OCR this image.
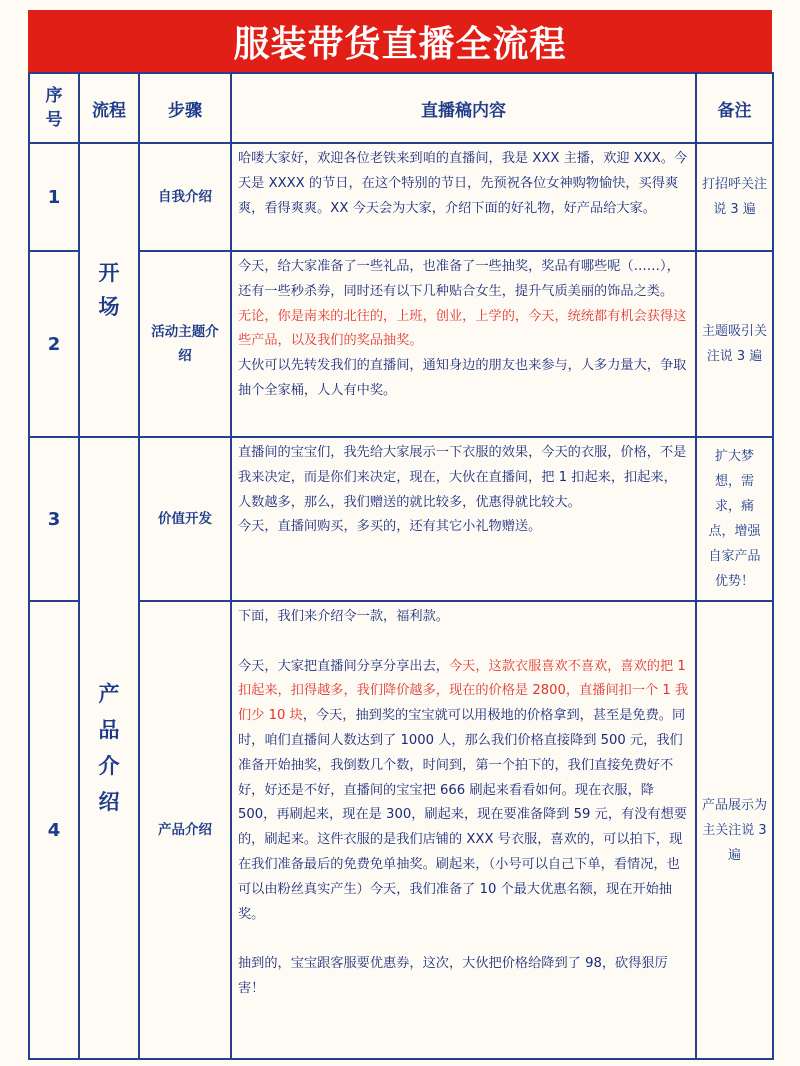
服装带货直播全流程
序号	流程	步骤	直播稿内容	备注
1	开场	自我介绍	哈喽大家好，欢迎各位老铁来到咱的直播间，我是 XXX 主播，欢迎 XXX。今天是 XXXX 的节日，在这个特别的节日，先预祝各位女神购物愉快，买得爽爽，看得爽爽。XX 今天会为大家，介绍下面的好礼物，好产品给大家。	打招呼关注说 3 遍
2		活动主题介绍	今天，给大家准备了一些礼品，也准备了一些抽奖，奖品有哪些呢（……），还有一些秒杀券，同时还有以下几种贴合女生，提升气质美丽的饰品之类。

无论，你是南来的北往的，上班，创业，上学的，今天，统统都有机会获得这些产品，以及我们的奖品抽奖。

大伙可以先转发我们的直播间，通知身边的朋友也来参与，人多力量大，争取抽个全家桶，人人有中奖。	主题吸引关注说 3 遍
3	产品介绍	价值开发	直播间的宝宝们，我先给大家展示一下衣服的效果，今天的衣服，价格，不是我来决定，而是你们来决定，现在，大伙在直播间，把 1 扣起来，扣起来，人数越多，那么，我们赠送的就比较多，优惠得就比较大。

今天，直播间购买，多买的，还有其它小礼物赠送。	扩大梦想，需求，痛点，增强自家产品优势！
4		产品介绍	下面，我们来介绍令一款，福利款。

今天，大家把直播间分享分享出去，今天，这款衣服喜欢不喜欢，喜欢的把 1 扣起来，扣得越多，我们降价越多，现在的价格是 2800，直播间扣一个 1 我们少 10 块，今天，抽到奖的宝宝就可以用极地的价格拿到，甚至是免费。同时，咱们直播间人数达到了 1000 人，那么我们价格直接降到 500 元，我们准备开始抽奖，我倒数几个数，时间到，第一个拍下的，我们直接免费好不好，好还是不好，直播间的宝宝把 666 刷起来看看如何。现在衣服，降 500，再刷起来，现在是 300，刷起来，现在要准备降到 59 元，有没有想要的，刷起来。这件衣服的是我们店铺的 XXX 号衣服，喜欢的，可以拍下，现在我们准备最后的免费免单抽奖。刷起来，（小号可以自己下单，看情况，也可以由粉丝真实产生）今天，我们准备了 10 个最大优惠名额，现在开始抽奖。

抽到的，宝宝跟客服要优惠券，这次，大伙把价格给降到了 98，砍得狠厉害！	产品展示为主关注说 3 遍
